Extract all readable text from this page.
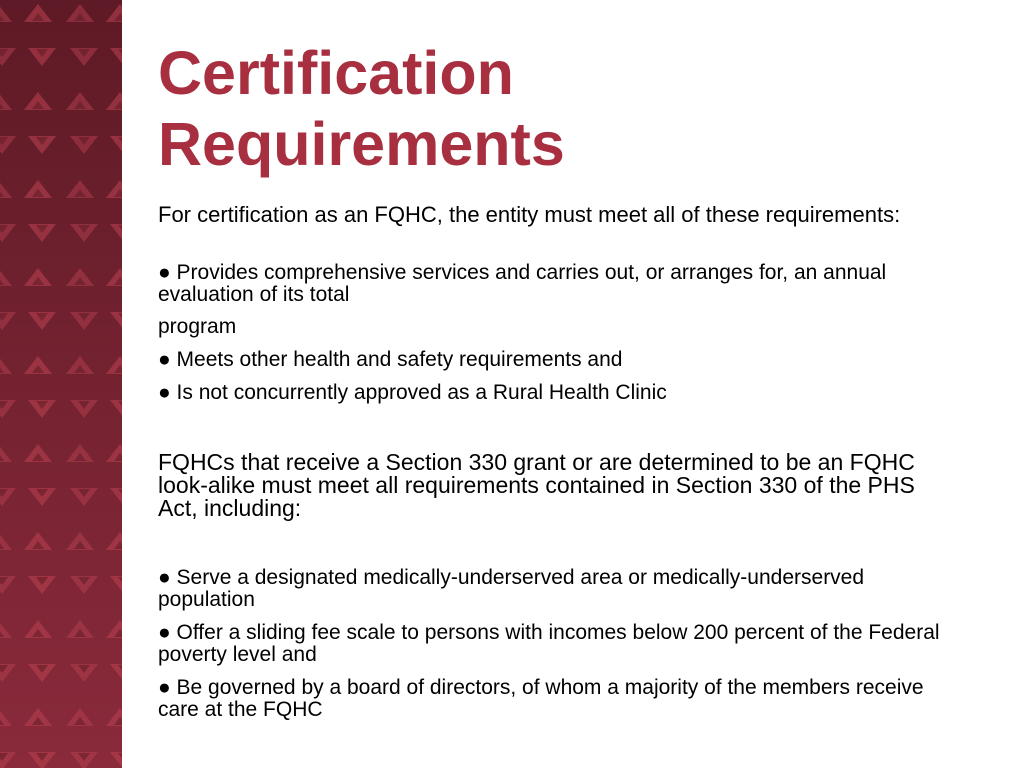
Certification
Requirements

For certification as an FQHC, the entity must meet all of these requirements:

● Provides comprehensive services and carries out, or arranges for, an annual evaluation of its total

program

● Meets other health and safety requirements and

● Is not concurrently approved as a Rural Health Clinic

FQHCs that receive a Section 330 grant or are determined to be an FQHC look-alike must meet all requirements contained in Section 330 of the PHS Act, including:

● Serve a designated medically-underserved area or medically-underserved population

● Offer a sliding fee scale to persons with incomes below 200 percent of the Federal poverty level and

● Be governed by a board of directors, of whom a majority of the members receive care at the FQHC
